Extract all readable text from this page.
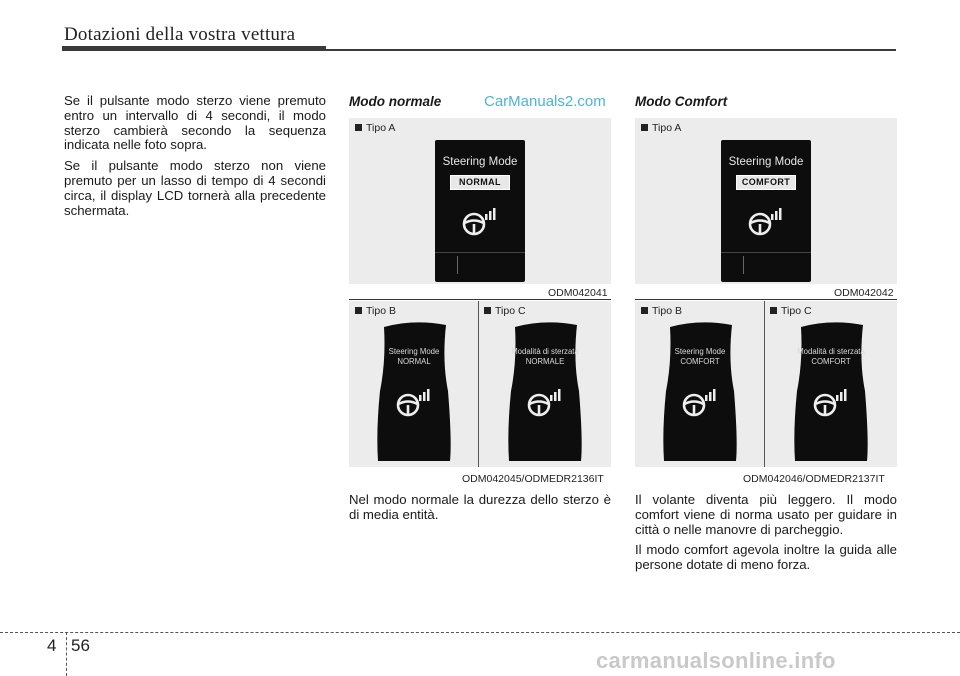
Dotazioni della vostra vettura

Se il pulsante modo sterzo viene premuto entro un intervallo di 4 secondi, il modo sterzo cambierà secondo la sequenza indicata nelle foto sopra.

Se il pulsante modo sterzo non viene premuto per un lasso di tempo di 4 secondi circa, il display LCD tornerà alla precedente schermata.

CarManuals2.com
Modo normale
Tipo A
Steering Mode
NORMAL
ODM042041
Tipo B	Tipo C
Steering Mode
NORMAL
Modalità di sterzata
NORMALE
ODM042045/ODMEDR2136IT

Nel modo normale la durezza dello sterzo è di media entità.

Modo Comfort
Tipo A
Steering Mode
COMFORT
ODM042042
Tipo B	Tipo C
Steering Mode
COMFORT
Modalità di sterzata
COMFORT
ODM042046/ODMEDR2137IT

Il volante diventa più leggero. Il modo comfort viene di norma usato per guidare in città o nelle manovre di parcheggio.

Il modo comfort agevola inoltre la guida alle persone dotate di meno forza.

4 56
carmanualsonline.info
